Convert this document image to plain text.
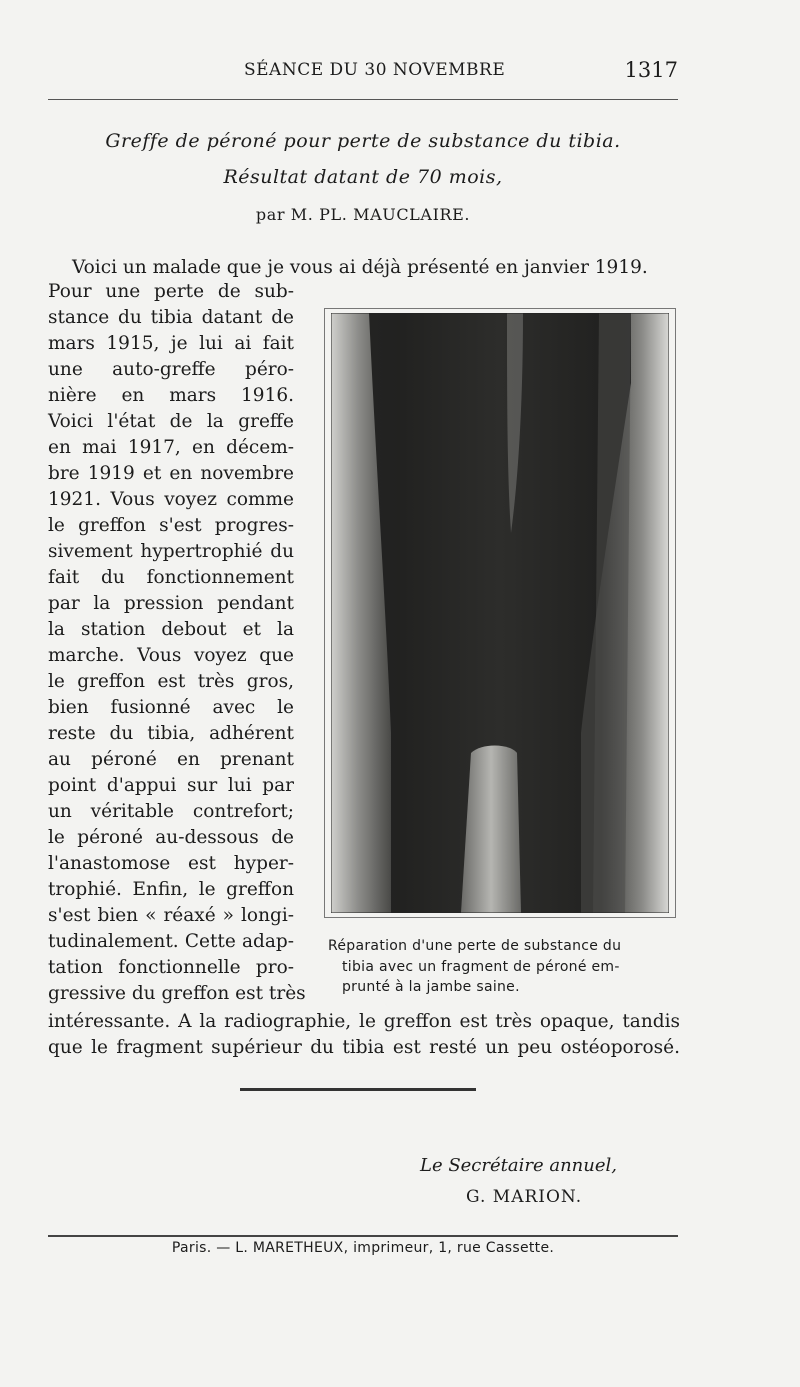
SÉANCE DU 30 NOVEMBRE	1317
Greffe de péroné pour perte de substance du tibia.
Résultat datant de 70 mois,
par M. PL. MAUCLAIRE.
Voici un malade que je vous ai déjà présenté en janvier 1919.
Pour une perte de sub-
stance du tibia datant de
mars 1915, je lui ai fait
une auto-greffe péro-
nière en mars 1916.
Voici l'état de la greffe
en mai 1917, en décem-
bre 1919 et en novembre
1921. Vous voyez comme
le greffon s'est progres-
sivement hypertrophié du
fait du fonctionnement
par la pression pendant
la station debout et la
marche. Vous voyez que
le greffon est très gros,
bien fusionné avec le
reste du tibia, adhérent
au péroné en prenant
point d'appui sur lui par
un véritable contrefort;
le péroné au-dessous de
l'anastomose est hyper-
trophié. Enfin, le greffon
s'est bien « réaxé » longi-
tudinalement. Cette adap-
tation fonctionnelle pro-
gressive du greffon est très
intéressante. A la radiographie, le greffon est très opaque, tandis
que le fragment supérieur du tibia est resté un peu ostéoporosé.
Réparation d'une perte de substance du
tibia avec un fragment de péroné em-
prunté à la jambe saine.
Le Secrétaire annuel,
G. MARION.
Paris. — L. MARETHEUX, imprimeur, 1, rue Cassette.
